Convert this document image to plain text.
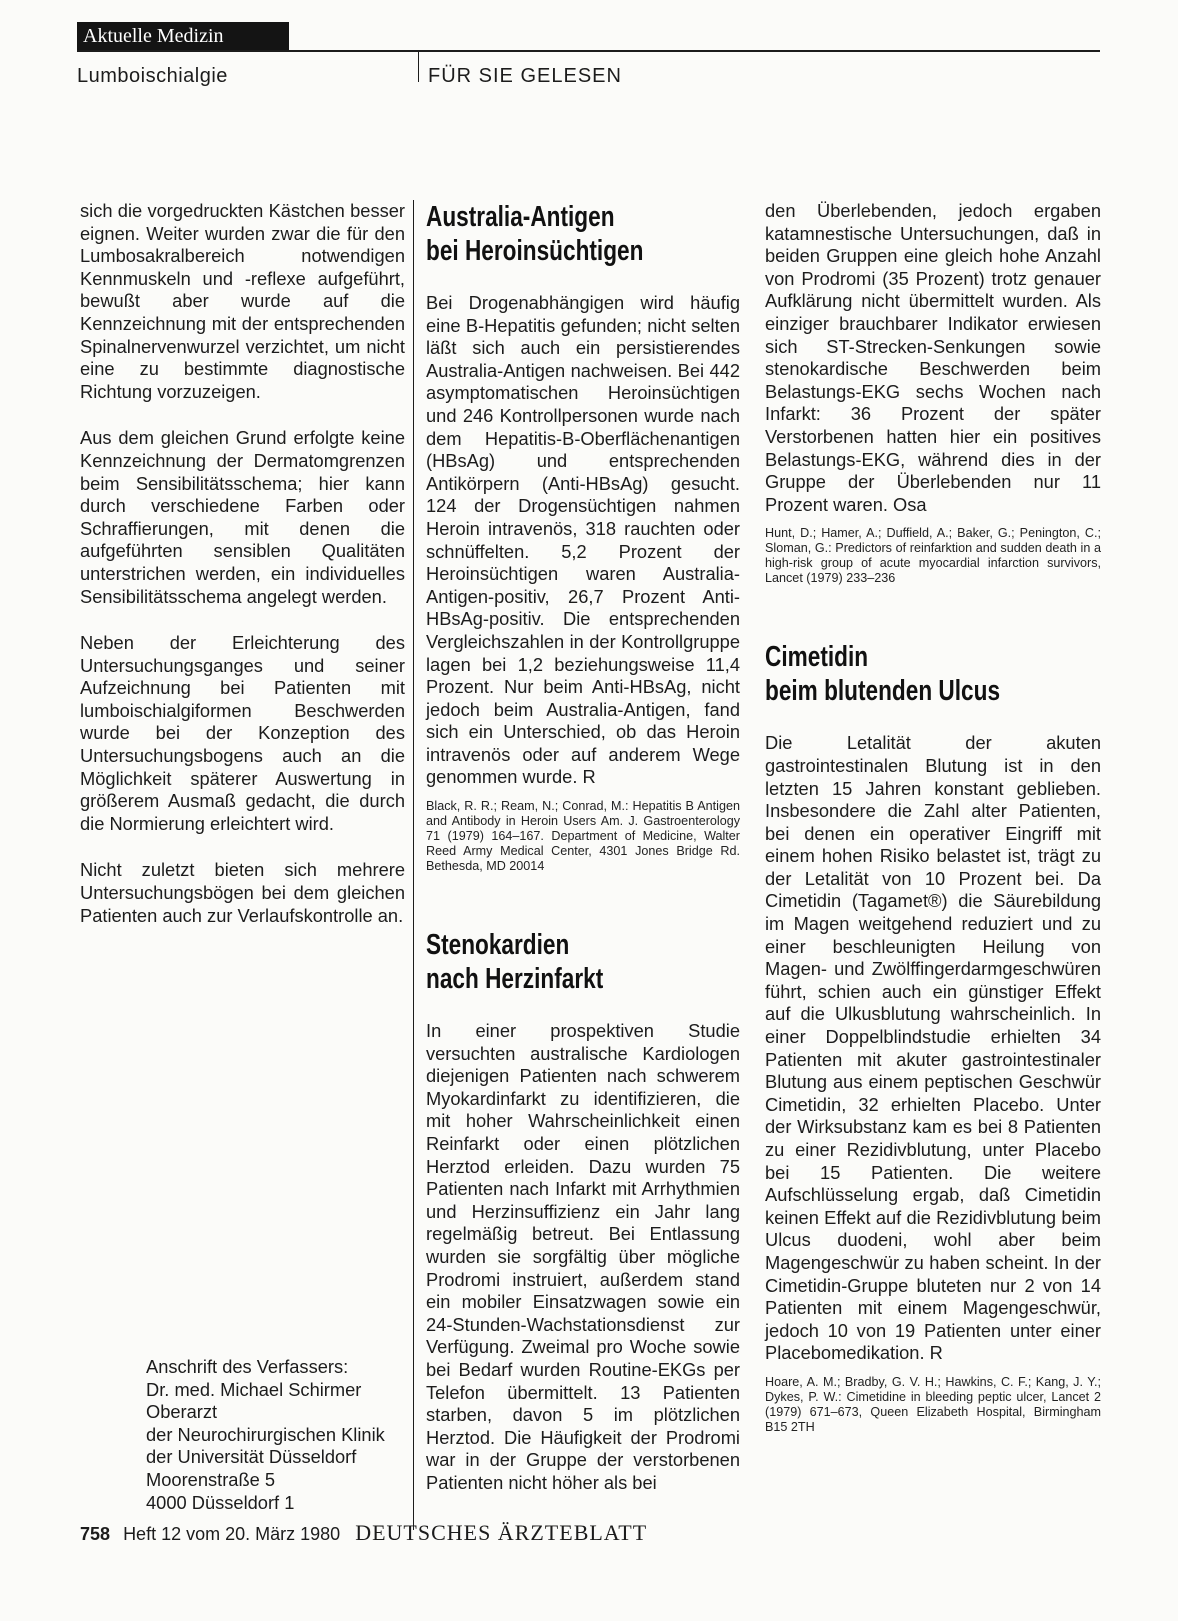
Aktuelle Medizin
Lumboischialgie	FÜR SIE GELESEN

sich die vorgedruckten Kästchen besser eignen. Weiter wurden zwar die für den Lumbosakralbereich notwendigen Kennmuskeln und -reflexe aufgeführt, bewußt aber wurde auf die Kennzeichnung mit der entsprechenden Spinalnervenwurzel verzichtet, um nicht eine zu bestimmte diagnostische Richtung vorzuzeigen.

Aus dem gleichen Grund erfolgte keine Kennzeichnung der Dermatomgrenzen beim Sensibilitätsschema; hier kann durch verschiedene Farben oder Schraffierungen, mit denen die aufgeführten sensiblen Qualitäten unterstrichen werden, ein individuelles Sensibilitätsschema angelegt werden.

Neben der Erleichterung des Untersuchungsganges und seiner Aufzeichnung bei Patienten mit lumboischialgiformen Beschwerden wurde bei der Konzeption des Untersuchungsbogens auch an die Möglichkeit späterer Auswertung in größerem Ausmaß gedacht, die durch die Normierung erleichtert wird.

Nicht zuletzt bieten sich mehrere Untersuchungsbögen bei dem gleichen Patienten auch zur Verlaufskontrolle an.

Anschrift des Verfassers:
Dr. med. Michael Schirmer
Oberarzt
der Neurochirurgischen Klinik
der Universität Düsseldorf
Moorenstraße 5
4000 Düsseldorf 1
Australia-Antigen
bei Heroinsüchtigen

Bei Drogenabhängigen wird häufig eine B-Hepatitis gefunden; nicht selten läßt sich auch ein persistierendes Australia-Antigen nachweisen. Bei 442 asymptomatischen Heroinsüchtigen und 246 Kontrollpersonen wurde nach dem Hepatitis-B-Oberflächenantigen (HBsAg) und entsprechenden Antikörpern (Anti-HBsAg) gesucht. 124 der Drogensüchtigen nahmen Heroin intravenös, 318 rauchten oder schnüffelten. 5,2 Prozent der Heroinsüchtigen waren Australia-Antigen-positiv, 26,7 Prozent Anti-HBsAg-positiv. Die entsprechenden Vergleichszahlen in der Kontrollgruppe lagen bei 1,2 beziehungsweise 11,4 Prozent. Nur beim Anti-HBsAg, nicht jedoch beim Australia-Antigen, fand sich ein Unterschied, ob das Heroin intravenös oder auf anderem Wege genommen wurde. R

Black, R. R.; Ream, N.; Conrad, M.: Hepatitis B Antigen and Antibody in Heroin Users Am. J. Gastroenterology 71 (1979) 164–167. Department of Medicine, Walter Reed Army Medical Center, 4301 Jones Bridge Rd. Bethesda, MD 20014

Stenokardien
nach Herzinfarkt

In einer prospektiven Studie versuchten australische Kardiologen diejenigen Patienten nach schwerem Myokardinfarkt zu identifizieren, die mit hoher Wahrscheinlichkeit einen Reinfarkt oder einen plötzlichen Herztod erleiden. Dazu wurden 75 Patienten nach Infarkt mit Arrhythmien und Herzinsuffizienz ein Jahr lang regelmäßig betreut. Bei Entlassung wurden sie sorgfältig über mögliche Prodromi instruiert, außerdem stand ein mobiler Einsatzwagen sowie ein 24-Stunden-Wachstationsdienst zur Verfügung. Zweimal pro Woche sowie bei Bedarf wurden Routine-EKGs per Telefon übermittelt. 13 Patienten starben, davon 5 im plötzlichen Herztod. Die Häufigkeit der Prodromi war in der Gruppe der verstorbenen Patienten nicht höher als bei

den Überlebenden, jedoch ergaben katamnestische Untersuchungen, daß in beiden Gruppen eine gleich hohe Anzahl von Prodromi (35 Prozent) trotz genauer Aufklärung nicht übermittelt wurden. Als einziger brauchbarer Indikator erwiesen sich ST-Strecken-Senkungen sowie stenokardische Beschwerden beim Belastungs-EKG sechs Wochen nach Infarkt: 36 Prozent der später Verstorbenen hatten hier ein positives Belastungs-EKG, während dies in der Gruppe der Überlebenden nur 11 Prozent waren. Osa

Hunt, D.; Hamer, A.; Duffield, A.; Baker, G.; Penington, C.; Sloman, G.: Predictors of reinfarktion and sudden death in a high-risk group of acute myocardial infarction survivors, Lancet (1979) 233–236

Cimetidin
beim blutenden Ulcus

Die Letalität der akuten gastrointestinalen Blutung ist in den letzten 15 Jahren konstant geblieben. Insbesondere die Zahl alter Patienten, bei denen ein operativer Eingriff mit einem hohen Risiko belastet ist, trägt zu der Letalität von 10 Prozent bei. Da Cimetidin (Tagamet®) die Säurebildung im Magen weitgehend reduziert und zu einer beschleunigten Heilung von Magen- und Zwölffingerdarmgeschwüren führt, schien auch ein günstiger Effekt auf die Ulkusblutung wahrscheinlich. In einer Doppelblindstudie erhielten 34 Patienten mit akuter gastrointestinaler Blutung aus einem peptischen Geschwür Cimetidin, 32 erhielten Placebo. Unter der Wirksubstanz kam es bei 8 Patienten zu einer Rezidivblutung, unter Placebo bei 15 Patienten. Die weitere Aufschlüsselung ergab, daß Cimetidin keinen Effekt auf die Rezidivblutung beim Ulcus duodeni, wohl aber beim Magengeschwür zu haben scheint. In der Cimetidin-Gruppe bluteten nur 2 von 14 Patienten mit einem Magengeschwür, jedoch 10 von 19 Patienten unter einer Placebomedikation. R

Hoare, A. M.; Bradby, G. V. H.; Hawkins, C. F.; Kang, J. Y.; Dykes, P. W.: Cimetidine in bleeding peptic ulcer, Lancet 2 (1979) 671–673, Queen Elizabeth Hospital, Birmingham B15 2TH

758 Heft 12 vom 20. März 1980 DEUTSCHES ÄRZTEBLATT
